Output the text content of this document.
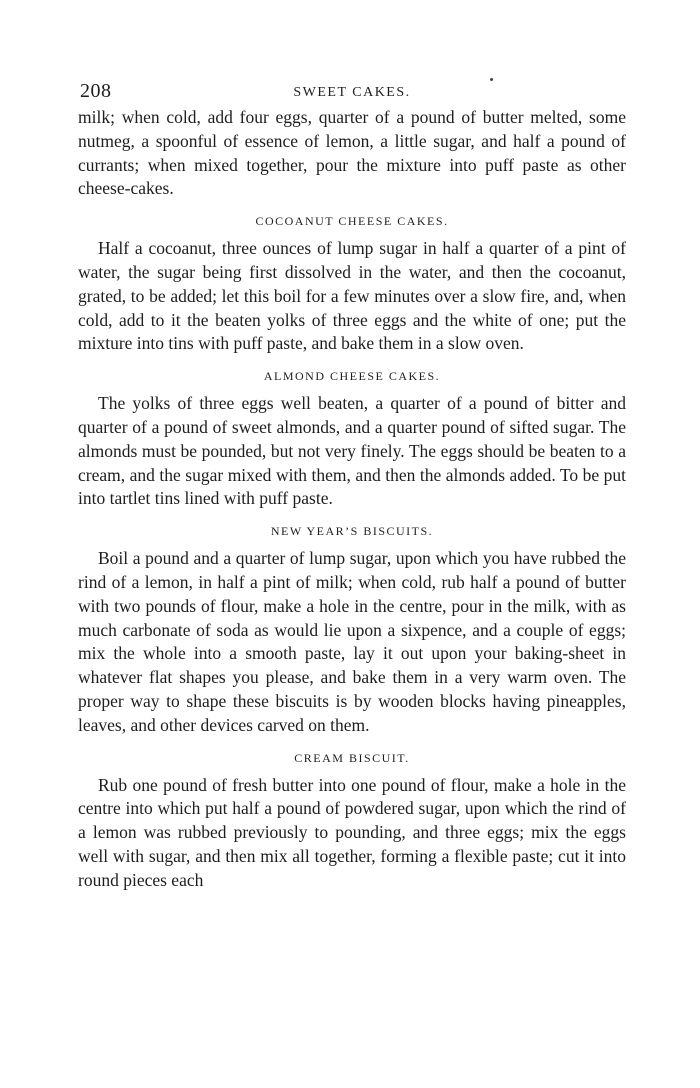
208	SWEET CAKES.

milk; when cold, add four eggs, quarter of a pound of butter melted, some nutmeg, a spoonful of essence of lemon, a little sugar, and half a pound of currants; when mixed together, pour the mixture into puff paste as other cheese-cakes.

COCOANUT CHEESE CAKES.

Half a cocoanut, three ounces of lump sugar in half a quarter of a pint of water, the sugar being first dissolved in the water, and then the cocoanut, grated, to be added; let this boil for a few minutes over a slow fire, and, when cold, add to it the beaten yolks of three eggs and the white of one; put the mixture into tins with puff paste, and bake them in a slow oven.

ALMOND CHEESE CAKES.

The yolks of three eggs well beaten, a quarter of a pound of bitter and quarter of a pound of sweet almonds, and a quarter pound of sifted sugar. The almonds must be pounded, but not very finely. The eggs should be beaten to a cream, and the sugar mixed with them, and then the almonds added. To be put into tartlet tins lined with puff paste.

NEW YEAR’S BISCUITS.

Boil a pound and a quarter of lump sugar, upon which you have rubbed the rind of a lemon, in half a pint of milk; when cold, rub half a pound of butter with two pounds of flour, make a hole in the centre, pour in the milk, with as much carbonate of soda as would lie upon a sixpence, and a couple of eggs; mix the whole into a smooth paste, lay it out upon your baking-sheet in whatever flat shapes you please, and bake them in a very warm oven. The proper way to shape these biscuits is by wooden blocks having pineapples, leaves, and other devices carved on them.

CREAM BISCUIT.

Rub one pound of fresh butter into one pound of flour, make a hole in the centre into which put half a pound of powdered sugar, upon which the rind of a lemon was rubbed previously to pounding, and three eggs; mix the eggs well with sugar, and then mix all together, forming a flexible paste; cut it into round pieces each
